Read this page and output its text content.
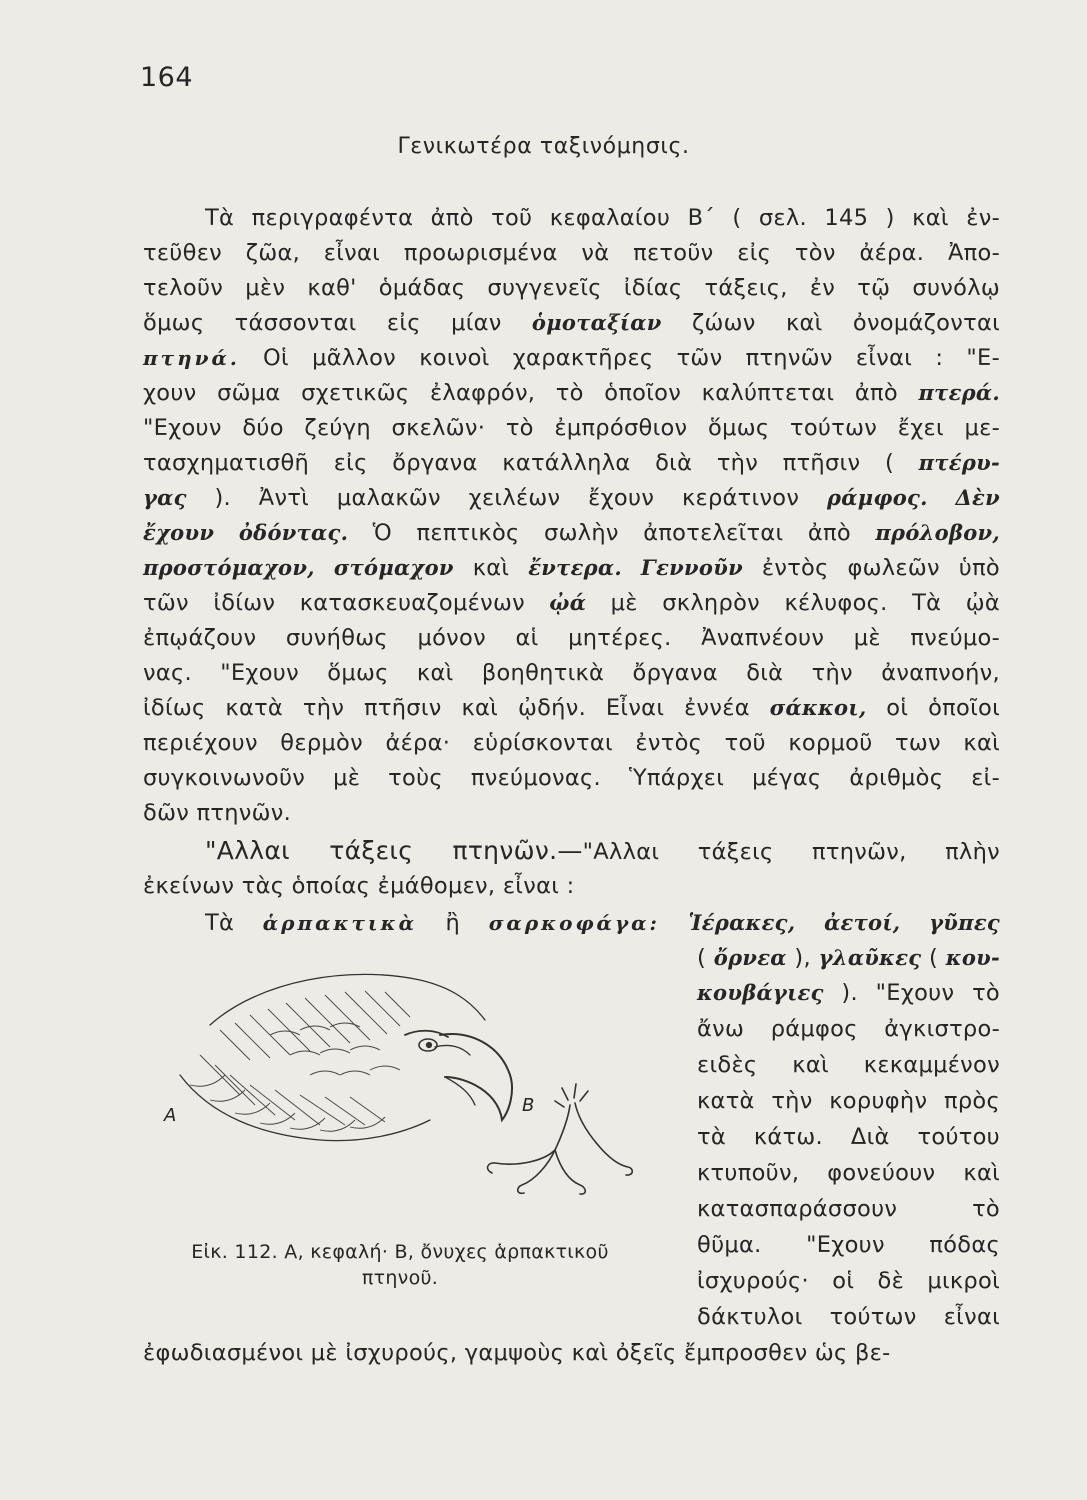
164
Γενικωτέρα ταξινόμησις.
Τὰ περιγραφέντα ἀπὸ τοῦ κεφαλαίου Β΄ ( σελ. 145 ) καὶ ἐν-
τεῦθεν ζῶα, εἶναι προωρισμένα νὰ πετοῦν εἰς τὸν ἀέρα. Ἀπο-
τελοῦν μὲν καθ' ὁμάδας συγγενεῖς ἰδίας τάξεις, ἐν τῷ συνόλῳ
ὅμως τάσσονται εἰς μίαν ὁμοταξίαν ζώων καὶ ὀνομάζονται
πτηνά. Οἱ μᾶλλον κοινοὶ χαρακτῆρες τῶν πτηνῶν εἶναι : "Ε-
χουν σῶμα σχετικῶς ἐλαφρόν, τὸ ὁποῖον καλύπτεται ἀπὸ πτερά.
"Εχουν δύο ζεύγη σκελῶν· τὸ ἐμπρόσθιον ὅμως τούτων ἔχει με-
τασχηματισθῆ εἰς ὄργανα κατάλληλα διὰ τὴν πτῆσιν ( πτέρυ-
γας ). Ἀντὶ μαλακῶν χειλέων ἔχουν κεράτινον ράμφος. Δὲν
ἔχουν ὀδόντας. Ὁ πεπτικὸς σωλὴν ἀποτελεῖται ἀπὸ πρόλοβον,
προστόμαχον, στόμαχον καὶ ἔντερα. Γεννοῦν ἐντὸς φωλεῶν ὑπὸ
τῶν ἰδίων κατασκευαζομένων ᾠά μὲ σκληρὸν κέλυφος. Τὰ ᾠὰ
ἐπῳάζουν συνήθως μόνον αἱ μητέρες. Ἀναπνέουν μὲ πνεύμο-
νας. "Εχουν ὅμως καὶ βοηθητικὰ ὄργανα διὰ τὴν ἀναπνοήν,
ἰδίως κατὰ τὴν πτῆσιν καὶ ᾠδήν. Εἶναι ἐννέα σάκκοι, οἱ ὁποῖοι
περιέχουν θερμὸν ἀέρα· εὑρίσκονται ἐντὸς τοῦ κορμοῦ των καὶ
συγκοινωνοῦν μὲ τοὺς πνεύμονας. Ὑπάρχει μέγας ἀριθμὸς εἰ-
δῶν πτηνῶν.
"Αλλαι τάξεις πτηνῶν.—"Αλλαι τάξεις πτηνῶν, πλὴν
ἐκείνων τὰς ὁποίας ἐμάθομεν, εἶναι :
Τὰ ἁρπακτικὰ ἢ σαρκοφάγα: Ἱέρακες, ἀετοί, γῦπες
( ὄρνεα ), γλαῦκες ( κου-
κουβάγιες ). "Εχουν τὸ
ἄνω ράμφος ἀγκιστρο-
ειδὲς καὶ κεκαμμένον
κατὰ τὴν κορυφὴν πρὸς
τὰ κάτω. Διὰ τούτου
κτυποῦν, φονεύουν καὶ
κατασπαράσσουν τὸ
θῦμα. "Εχουν πόδας
ἰσχυρούς· οἱ δὲ μικροὶ
δάκτυλοι τούτων εἶναι
ἐφωδιασμένοι μὲ ἰσχυρούς, γαμψοὺς καὶ ὀξεῖς ἔμπροσθεν ὡς βε-
A	B
Εἰκ. 112. Α, κεφαλή· Β, ὄνυχες ἁρπακτικοῦ
πτηνοῦ.
